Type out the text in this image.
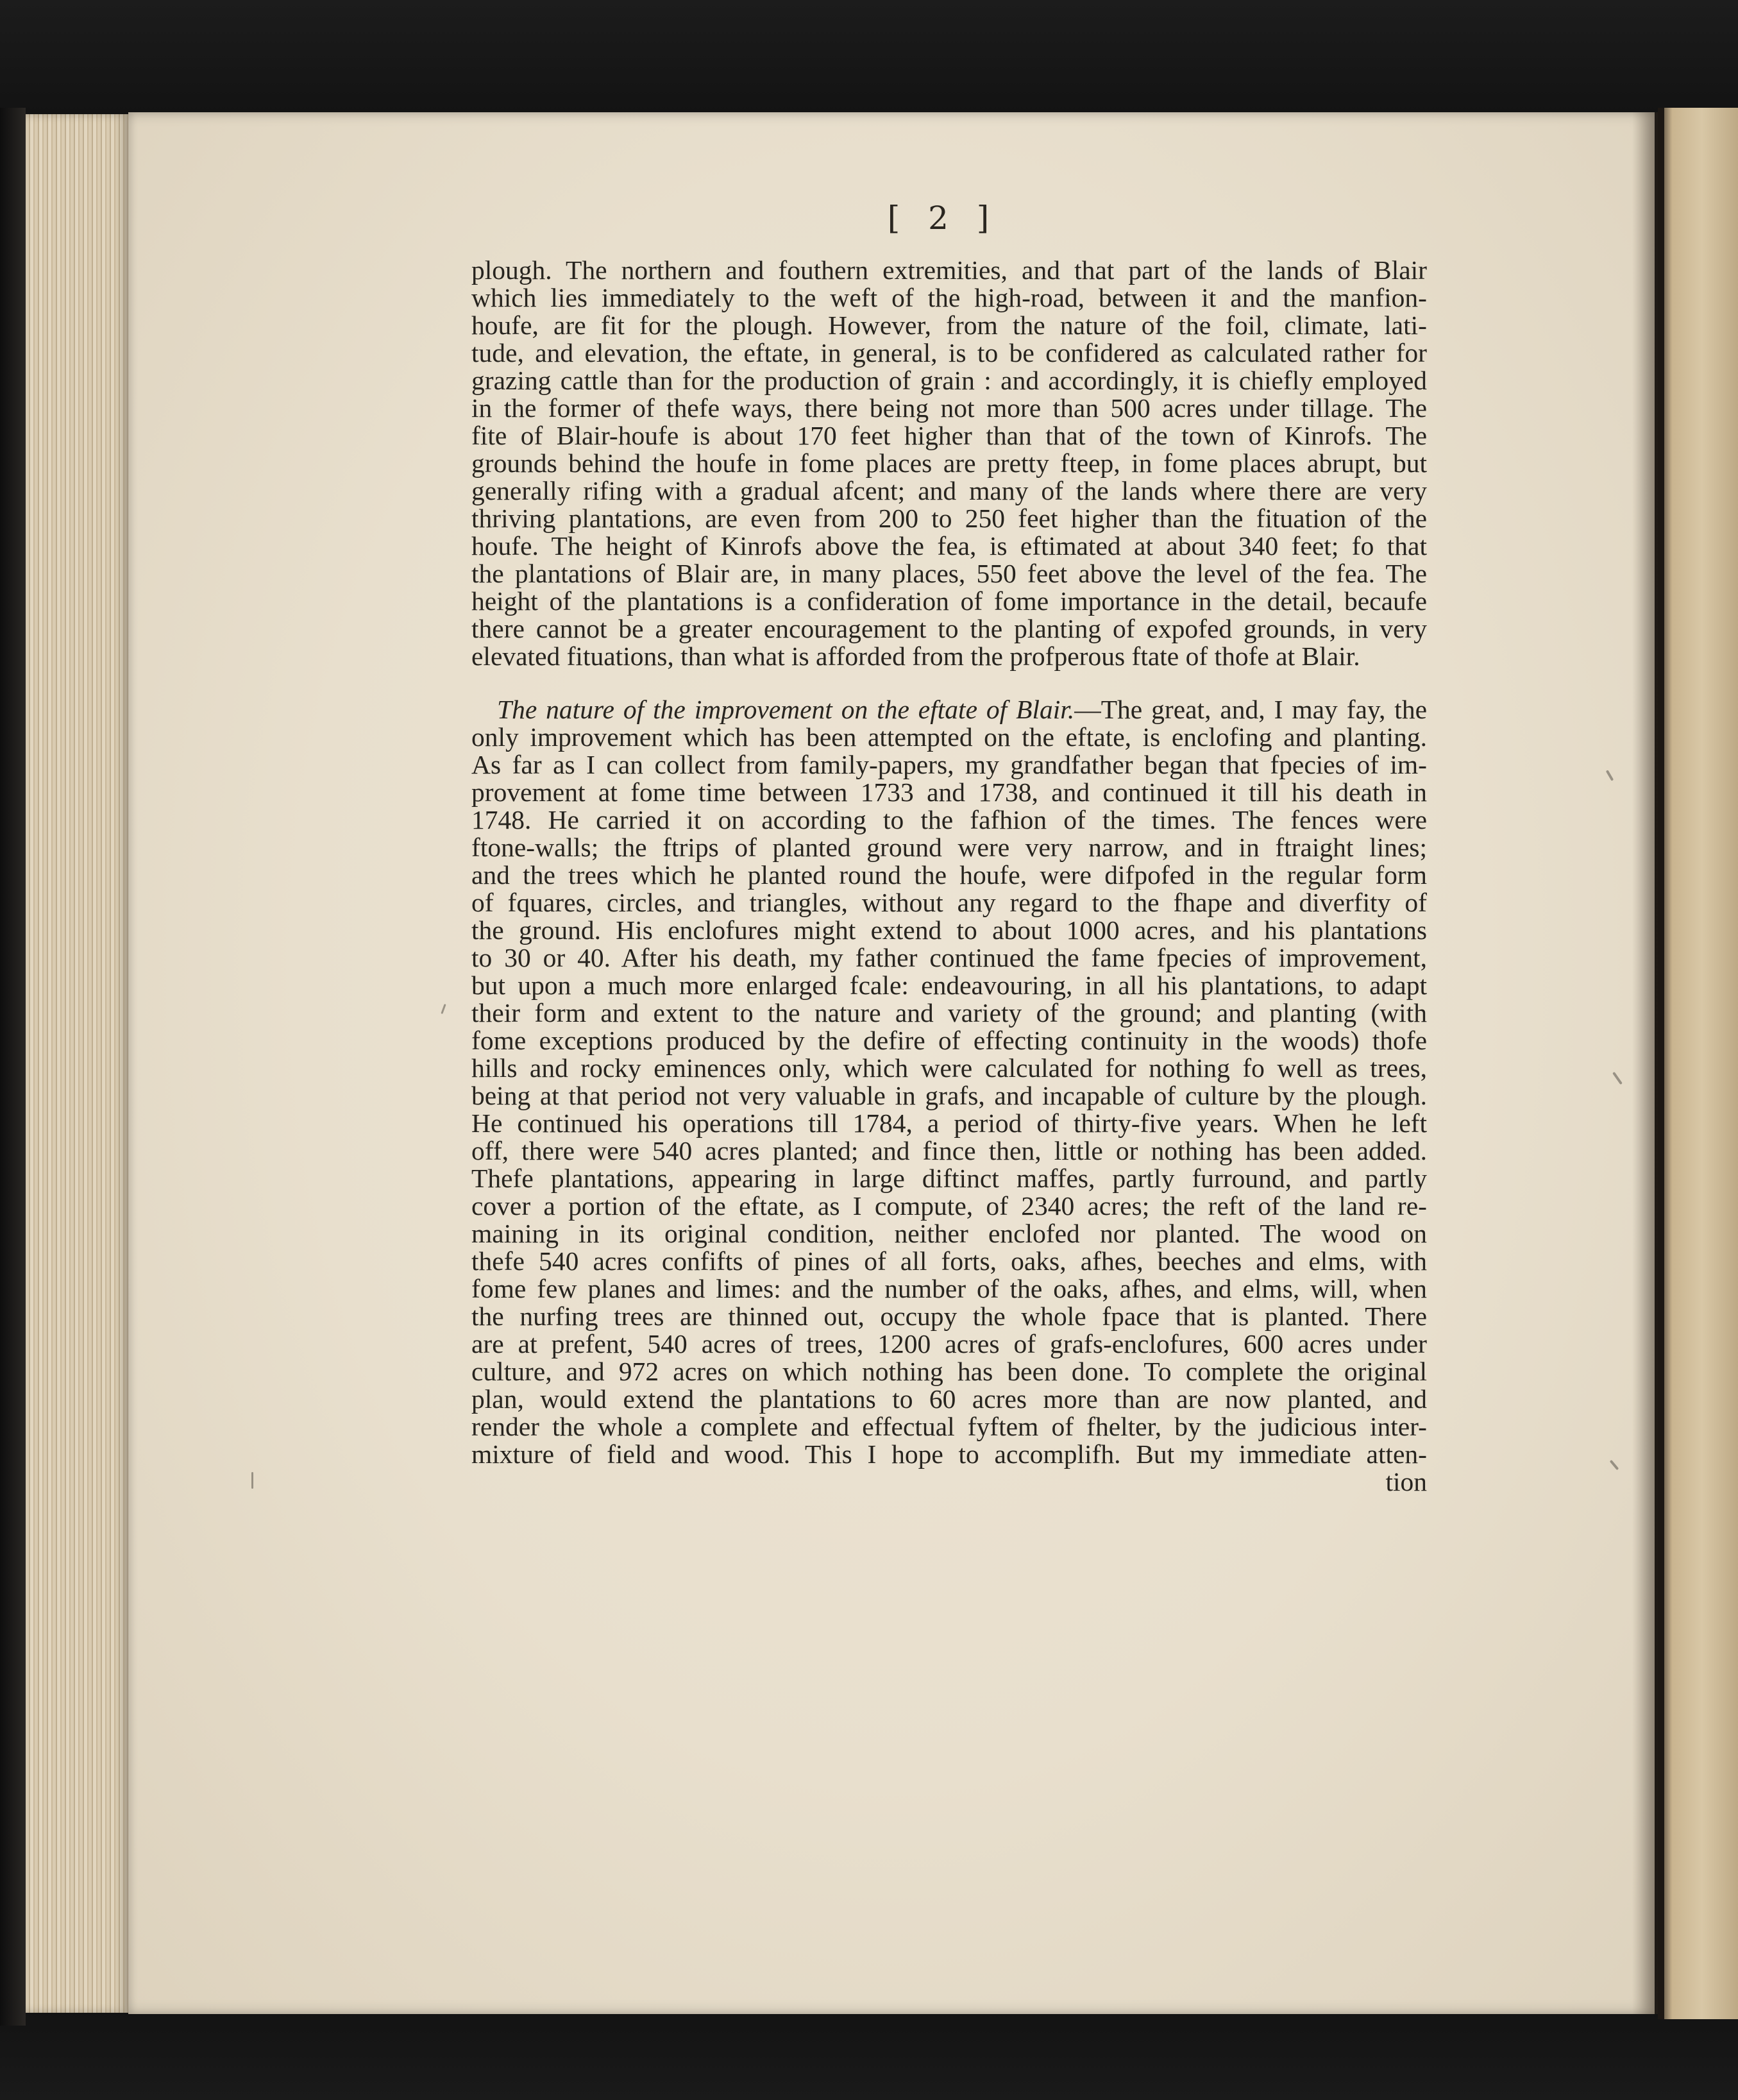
[ 2 ]
plough. The northern and fouthern extremities, and that part of the lands of Blair
which lies immediately to the weft of the high-road, between it and the manfion-
houfe, are fit for the plough. However, from the nature of the foil, climate, lati-
tude, and elevation, the eftate, in general, is to be confidered as calculated rather for
grazing cattle than for the production of grain : and accordingly, it is chiefly employed
in the former of thefe ways, there being not more than 500 acres under tillage. The
fite of Blair-houfe is about 170 feet higher than that of the town of Kinrofs. The
grounds behind the houfe in fome places are pretty fteep, in fome places abrupt, but
generally rifing with a gradual afcent; and many of the lands where there are very
thriving plantations, are even from 200 to 250 feet higher than the fituation of the
houfe. The height of Kinrofs above the fea, is eftimated at about 340 feet; fo that
the plantations of Blair are, in many places, 550 feet above the level of the fea. The
height of the plantations is a confideration of fome importance in the detail, becaufe
there cannot be a greater encouragement to the planting of expofed grounds, in very
elevated fituations, than what is afforded from the profperous ftate of thofe at Blair.
The nature of the improvement on the eftate of Blair.—The great, and, I may fay, the
only improvement which has been attempted on the eftate, is enclofing and planting.
As far as I can collect from family-papers, my grandfather began that fpecies of im-
provement at fome time between 1733 and 1738, and continued it till his death in
1748. He carried it on according to the fafhion of the times. The fences were
ftone-walls; the ftrips of planted ground were very narrow, and in ftraight lines;
and the trees which he planted round the houfe, were difpofed in the regular form
of fquares, circles, and triangles, without any regard to the fhape and diverfity of
the ground. His enclofures might extend to about 1000 acres, and his plantations
to 30 or 40. After his death, my father continued the fame fpecies of improvement,
but upon a much more enlarged fcale: endeavouring, in all his plantations, to adapt
their form and extent to the nature and variety of the ground; and planting (with
fome exceptions produced by the defire of effecting continuity in the woods) thofe
hills and rocky eminences only, which were calculated for nothing fo well as trees,
being at that period not very valuable in grafs, and incapable of culture by the plough.
He continued his operations till 1784, a period of thirty-five years. When he left
off, there were 540 acres planted; and fince then, little or nothing has been added.
Thefe plantations, appearing in large diftinct maffes, partly furround, and partly
cover a portion of the eftate, as I compute, of 2340 acres; the reft of the land re-
maining in its original condition, neither enclofed nor planted. The wood on
thefe 540 acres confifts of pines of all forts, oaks, afhes, beeches and elms, with
fome few planes and limes: and the number of the oaks, afhes, and elms, will, when
the nurfing trees are thinned out, occupy the whole fpace that is planted. There
are at prefent, 540 acres of trees, 1200 acres of grafs-enclofures, 600 acres under
culture, and 972 acres on which nothing has been done. To complete the original
plan, would extend the plantations to 60 acres more than are now planted, and
render the whole a complete and effectual fyftem of fhelter, by the judicious inter-
mixture of field and wood. This I hope to accomplifh. But my immediate atten-
tion
